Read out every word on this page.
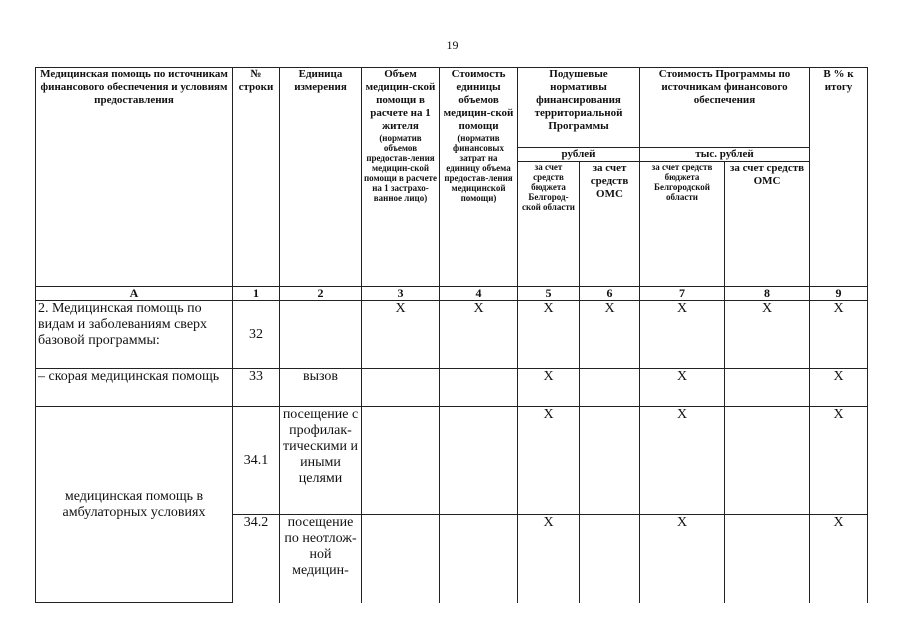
19
Медицинская помощь по источникам финансового обеспечения и условиям предоставления	№ строки	Единица измерения	Объем медицин-ской помощи в расчете на 1 жителя
(норматив объемов предостав-ления медицин-ской помощи в расчете на 1 застрахо-ванное лицо)	Стоимость единицы объемов медицин-ской помощи
(норматив финансовых затрат на единицу объема предостав-ления медицинской помощи)	Подушевые нормативы финансирования территориальной Программы		Стоимость Программы по источникам финансового обеспечения		В % к итогу
					рублей		тыс. рублей		
					за счет средств бюджета Белгород-ской области	за счет средств ОМС	за счет средств бюджета Белгородской области	за счет средств ОМС	
А	1	2	3	4	5	6	7	8	9
2. Медицинская помощь по видам и заболеваниям сверх базовой программы:	32		X	X	X	X	X	X	X
– скорая медицинская помощь	33	вызов			X		X		X
медицинская помощь в амбулаторных условиях	34.1	посещение с профилак-тическими и иными целями			X		X		X
	34.2	посещение по неотлож-ной медицин-			X		X		X
